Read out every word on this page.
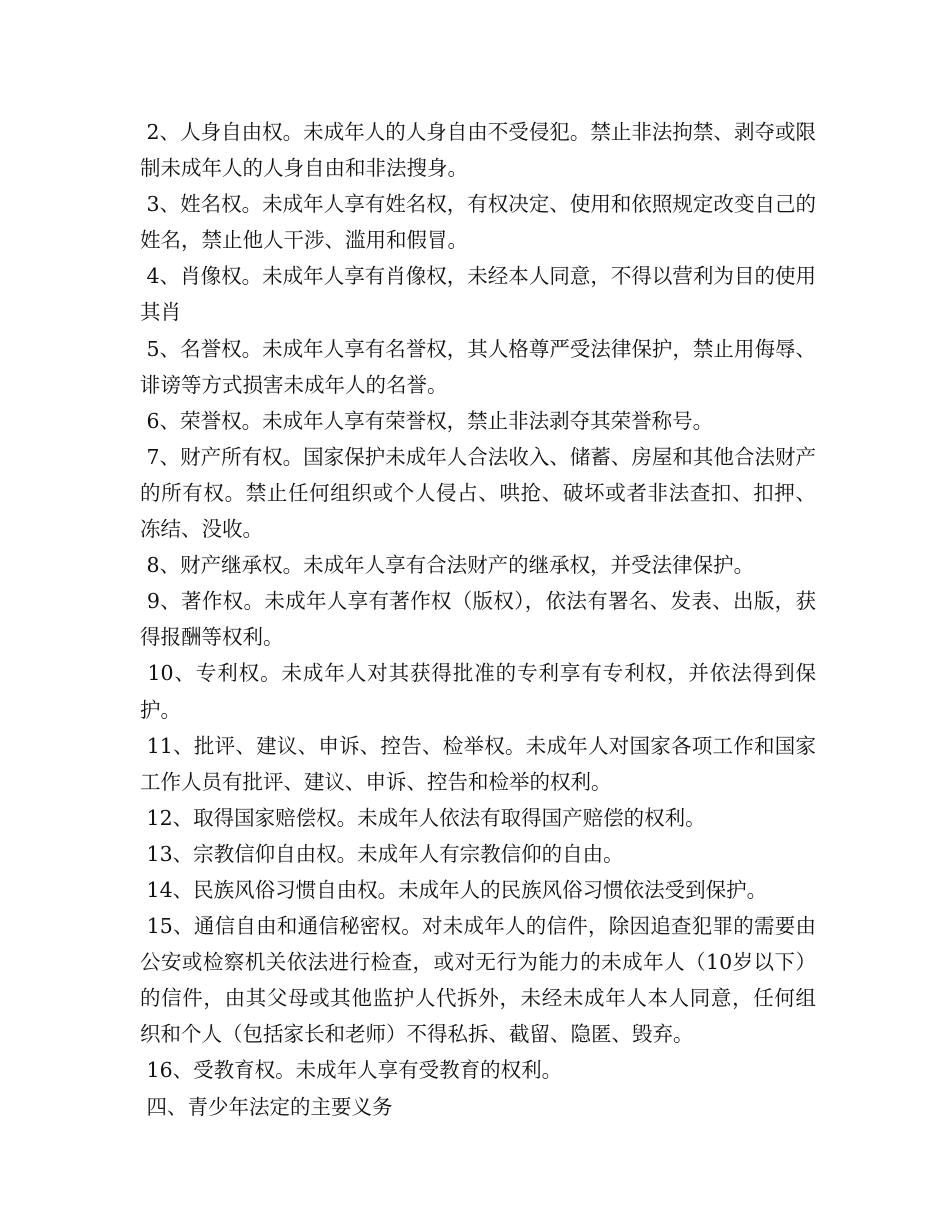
2、人身自由权。未成年人的人身自由不受侵犯。禁止非法拘禁、剥夺或限制未成年人的人身自由和非法搜身。

3、姓名权。未成年人享有姓名权，有权决定、使用和依照规定改变自己的姓名，禁止他人干涉、滥用和假冒。

4、肖像权。未成年人享有肖像权，未经本人同意，不得以营利为目的使用其肖

5、名誉权。未成年人享有名誉权，其人格尊严受法律保护，禁止用侮辱、诽谤等方式损害未成年人的名誉。

6、荣誉权。未成年人享有荣誉权，禁止非法剥夺其荣誉称号。

7、财产所有权。国家保护未成年人合法收入、储蓄、房屋和其他合法财产的所有权。禁止任何组织或个人侵占、哄抢、破坏或者非法查扣、扣押、冻结、没收。

8、财产继承权。未成年人享有合法财产的继承权，并受法律保护。

9、著作权。未成年人享有著作权（版权），依法有署名、发表、出版，获得报酬等权利。

10、专利权。未成年人对其获得批准的专利享有专利权，并依法得到保护。

11、批评、建议、申诉、控告、检举权。未成年人对国家各项工作和国家工作人员有批评、建议、申诉、控告和检举的权利。

12、取得国家赔偿权。未成年人依法有取得国产赔偿的权利。

13、宗教信仰自由权。未成年人有宗教信仰的自由。

14、民族风俗习惯自由权。未成年人的民族风俗习惯依法受到保护。

15、通信自由和通信秘密权。对未成年人的信件，除因追查犯罪的需要由公安或检察机关依法进行检查，或对无行为能力的未成年人（10岁以下）的信件，由其父母或其他监护人代拆外，未经未成年人本人同意，任何组织和个人（包括家长和老师）不得私拆、截留、隐匿、毁弃。

16、受教育权。未成年人享有受教育的权利。

四、青少年法定的主要义务
